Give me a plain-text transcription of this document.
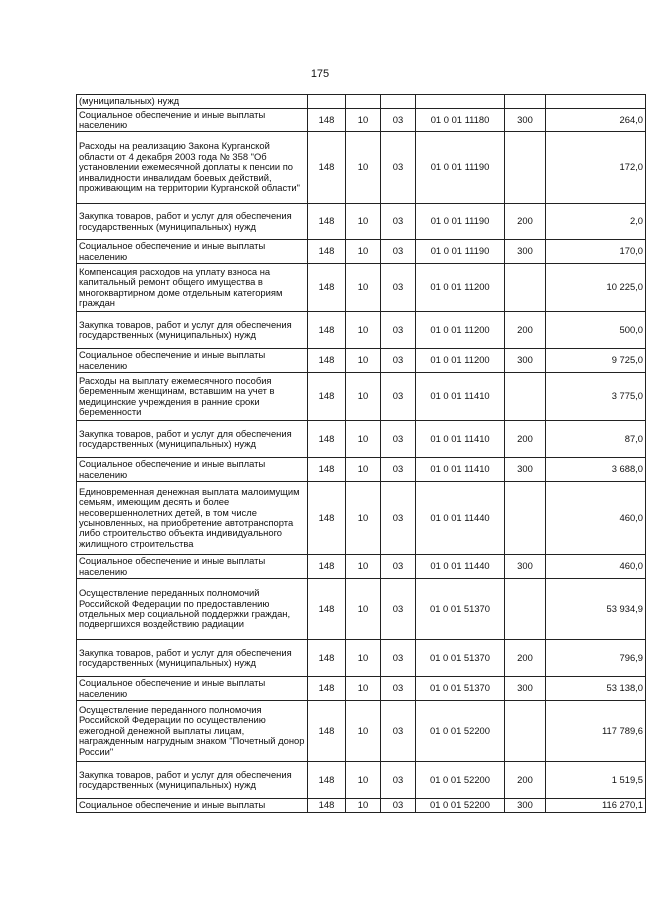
175
(муниципальных) нужд						
Социальное обеспечение и иные выплаты населению	148	10	03	01 0 01 11180	300	264,0
Расходы на реализацию Закона Курганской области от 4 декабря 2003 года № 358 "Об установлении ежемесячной доплаты к пенсии по инвалидности инвалидам боевых действий, проживающим на территории Курганской области"	148	10	03	01 0 01 11190		172,0
Закупка товаров, работ и услуг для обеспечения государственных (муниципальных) нужд	148	10	03	01 0 01 11190	200	2,0
Социальное обеспечение и иные выплаты населению	148	10	03	01 0 01 11190	300	170,0
Компенсация расходов на уплату взноса на капитальный ремонт общего имущества в многоквартирном доме отдельным категориям граждан	148	10	03	01 0 01 11200		10 225,0
Закупка товаров, работ и услуг для обеспечения государственных (муниципальных) нужд	148	10	03	01 0 01 11200	200	500,0
Социальное обеспечение и иные выплаты населению	148	10	03	01 0 01 11200	300	9 725,0
Расходы на выплату ежемесячного пособия беременным женщинам, вставшим на учет в медицинские учреждения в ранние сроки беременности	148	10	03	01 0 01 11410		3 775,0
Закупка товаров, работ и услуг для обеспечения государственных (муниципальных) нужд	148	10	03	01 0 01 11410	200	87,0
Социальное обеспечение и иные выплаты населению	148	10	03	01 0 01 11410	300	3 688,0
Единовременная денежная выплата малоимущим семьям, имеющим десять и более несовершеннолетних детей, в том числе усыновленных, на приобретение автотранспорта либо строительство объекта индивидуального жилищного строительства	148	10	03	01 0 01 11440		460,0
Социальное обеспечение и иные выплаты населению	148	10	03	01 0 01 11440	300	460,0
Осуществление переданных полномочий Российской Федерации по предоставлению отдельных мер социальной поддержки граждан, подвергшихся воздействию радиации	148	10	03	01 0 01 51370		53 934,9
Закупка товаров, работ и услуг для обеспечения государственных (муниципальных) нужд	148	10	03	01 0 01 51370	200	796,9
Социальное обеспечение и иные выплаты населению	148	10	03	01 0 01 51370	300	53 138,0
Осуществление переданного полномочия Российской Федерации по осуществлению ежегодной денежной выплаты лицам, награжденным нагрудным знаком "Почетный донор России"	148	10	03	01 0 01 52200		117 789,6
Закупка товаров, работ и услуг для обеспечения государственных (муниципальных) нужд	148	10	03	01 0 01 52200	200	1 519,5
Социальное обеспечение и иные выплаты	148	10	03	01 0 01 52200	300	116 270,1
